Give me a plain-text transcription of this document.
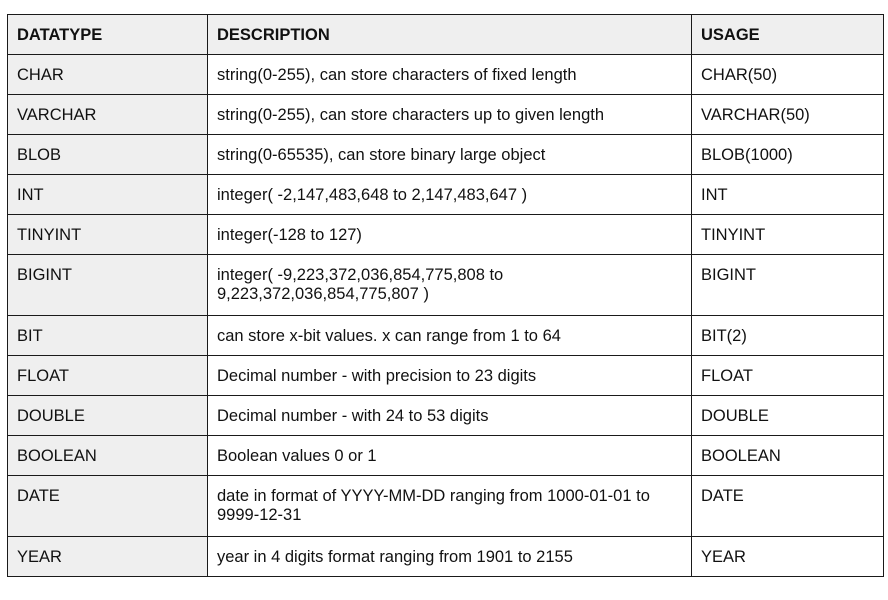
DATATYPE	DESCRIPTION	USAGE
CHAR	string(0-255), can store characters of fixed length	CHAR(50)
VARCHAR	string(0-255), can store characters up to given length	VARCHAR(50)
BLOB	string(0-65535), can store binary large object	BLOB(1000)
INT	integer( -2,147,483,648 to 2,147,483,647 )	INT
TINYINT	integer(-128 to 127)	TINYINT
BIGINT	integer( -9,223,372,036,854,775,808 to 9,223,372,036,854,775,807 )	BIGINT
BIT	can store x-bit values. x can range from 1 to 64	BIT(2)
FLOAT	Decimal number - with precision to 23 digits	FLOAT
DOUBLE	Decimal number - with 24 to 53 digits	DOUBLE
BOOLEAN	Boolean values 0 or 1	BOOLEAN
DATE	date in format of YYYY-MM-DD ranging from 1000-01-01 to 9999-12-31	DATE
YEAR	year in 4 digits format ranging from 1901 to 2155	YEAR
